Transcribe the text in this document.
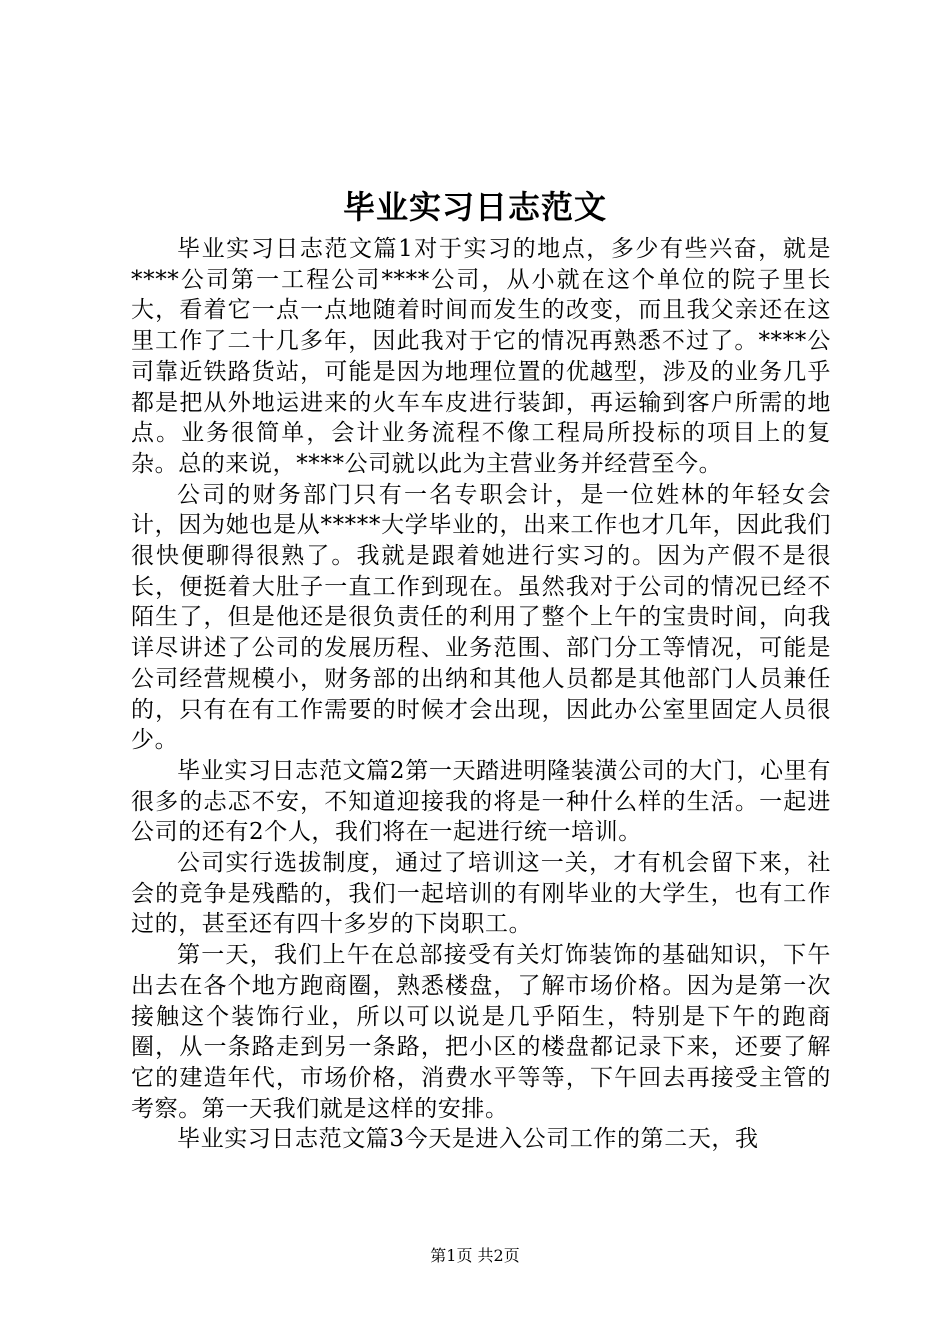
毕业实习日志范文

毕业实习日志范文篇1对于实习的地点，多少有些兴奋，就是****公司第一工程公司****公司，从小就在这个单位的院子里长大，看着它一点一点地随着时间而发生的改变，而且我父亲还在这里工作了二十几多年，因此我对于它的情况再熟悉不过了。****公司靠近铁路货站，可能是因为地理位置的优越型，涉及的业务几乎都是把从外地运进来的火车车皮进行装卸，再运输到客户所需的地点。业务很简单，会计业务流程不像工程局所投标的项目上的复杂。总的来说，****公司就以此为主营业务并经营至今。

公司的财务部门只有一名专职会计，是一位姓林的年轻女会计，因为她也是从*****大学毕业的，出来工作也才几年，因此我们很快便聊得很熟了。我就是跟着她进行实习的。因为产假不是很长，便挺着大肚子一直工作到现在。虽然我对于公司的情况已经不陌生了，但是他还是很负责任的利用了整个上午的宝贵时间，向我详尽讲述了公司的发展历程、业务范围、部门分工等情况，可能是公司经营规模小，财务部的出纳和其他人员都是其他部门人员兼任的，只有在有工作需要的时候才会出现，因此办公室里固定人员很少。

毕业实习日志范文篇2第一天踏进明隆装潢公司的大门，心里有很多的忐忑不安，不知道迎接我的将是一种什么样的生活。一起进公司的还有2个人，我们将在一起进行统一培训。

公司实行选拔制度，通过了培训这一关，才有机会留下来，社会的竞争是残酷的，我们一起培训的有刚毕业的大学生，也有工作过的，甚至还有四十多岁的下岗职工。

第一天，我们上午在总部接受有关灯饰装饰的基础知识，下午出去在各个地方跑商圈，熟悉楼盘，了解市场价格。因为是第一次接触这个装饰行业，所以可以说是几乎陌生，特别是下午的跑商圈，从一条路走到另一条路，把小区的楼盘都记录下来，还要了解它的建造年代，市场价格，消费水平等等，下午回去再接受主管的考察。第一天我们就是这样的安排。

毕业实习日志范文篇3今天是进入公司工作的第二天，我

第1页 共2页
